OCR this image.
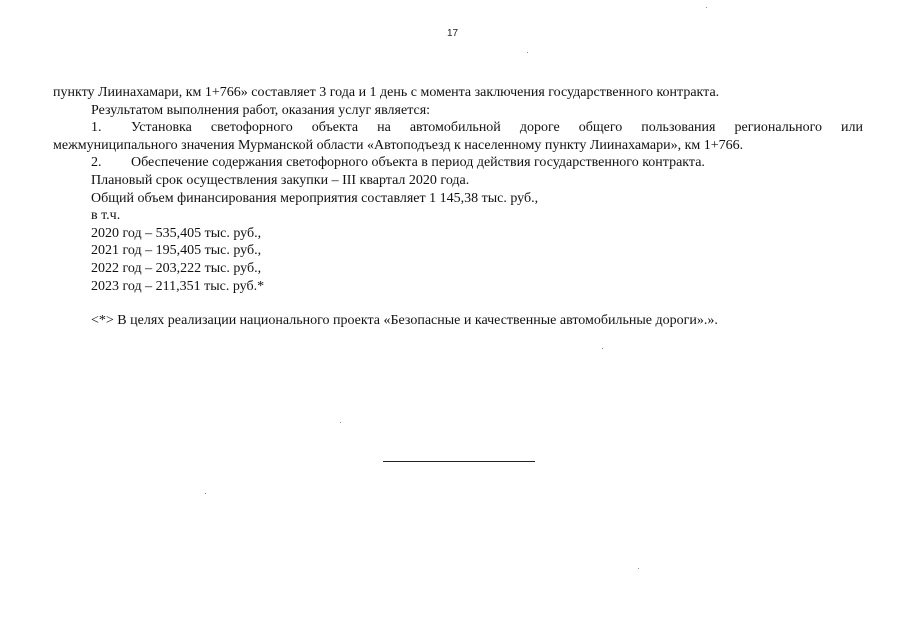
17
пункту Лиинахамари, км 1+766» составляет 3 года и 1 день с момента заключения государственного контракта.
Результатом выполнения работ, оказания услуг является:
1. Установка светофорного объекта на автомобильной дороге общего пользования регионального или
межмуниципального значения Мурманской области «Автоподъезд к населенному пункту Лиинахамари», км 1+766.
2. Обеспечение содержания светофорного объекта в период действия государственного контракта.
Плановый срок осуществления закупки – III квартал 2020 года.
Общий объем финансирования мероприятия составляет 1 145,38 тыс. руб.,
в т.ч.
2020 год – 535,405 тыс. руб.,
2021 год – 195,405 тыс. руб.,
2022 год – 203,222 тыс. руб.,
2023 год – 211,351 тыс. руб.*
<*> В целях реализации национального проекта «Безопасные и качественные автомобильные дороги».».
